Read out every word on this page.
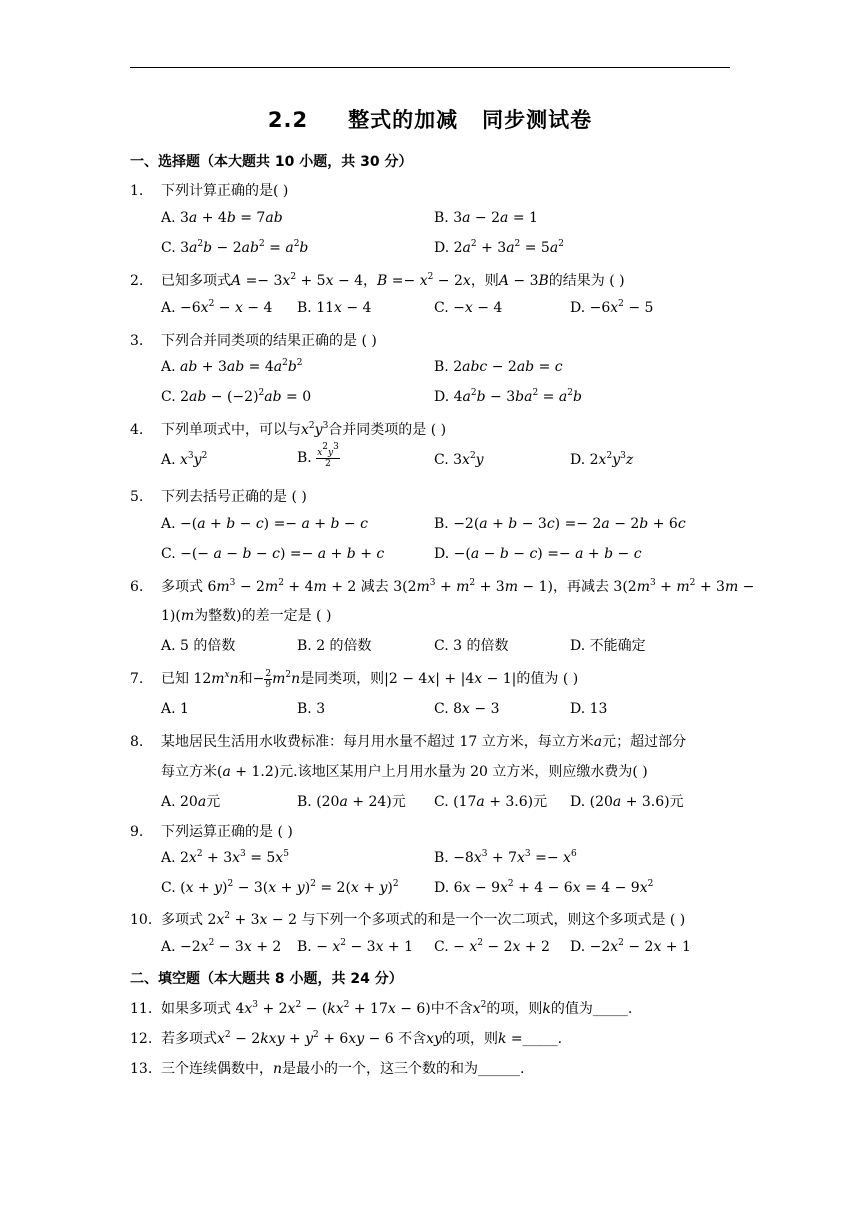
2.2 整式的加减 同步测试卷
一、选择题（本大题共 10 小题，共 30 分）
1. 下列计算正确的是( )
A. 3a + 4b = 7ab	B. 3a − 2a = 1
C. $3a^2b - 2ab^2 = a^2b$	D. $2a^2 + 3a^2 = 5a^2$
2. 已知多项式$A =- 3x^2 + 5x - 4$，$B =- x^2 - 2x$，则A − 3B的结果为 ( )
A. $-6x^2 - x - 4$ B. 11x − 4	C. −x − 4	D. $-6x^2 - 5$
3. 下列合并同类项的结果正确的是 ( )
A. ab + $3ab = 4a^2b^2$	B. 2abc − 2ab = c
C. $2ab - (-2)^2ab = 0$	D. $4a^2b - 3ba^2 = a^2b$
4. 下列单项式中，可以与$x^2y^3$合并同类项的是 ( )
A. $x^3y^2$	B. $\frac{x^2y^3}{2}$	C. $3x^2y$	D. $2x^2y^3z$
5. 下列去括号正确的是 ( )
A. −(a + b − c) =− a + b − c	B. −2(a + b − 3c) =− 2a − 2b + 6c
C. −(− a − b − c) =− a + b + c	D. −(a − b − c) =− a + b − c
6. 多项式 $6m^3 - 2m^2 + 4m + 2$ 减去 $3(2m^3 + m^2 + 3m - 1)$，再减去 $3(2m^3 + m^2 + 3m$ −
1)(m为整数)的差一定是 ( )
A. 5 的倍数	B. 2 的倍数	C. 3 的倍数	D. 不能确定
7. 已知 $12m^xn$和− $\frac{2}{9} m^2n$是同类项，则|2 − 4x| + |4x − 1|的值为 ( )
A. 1	B. 3	C. 8x − 3	D. 13
8. 某地居民生活用水收费标准：每月用水量不超过 17 立方米，每立方米a元；超过部分
每立方米(a + 1.2)元.该地区某用户上月用水量为 20 立方米，则应缴水费为( )
A. 20a元	B. (20a + 24)元 C. (17a + 3.6)元 D. (20a + 3.6)元
9. 下列运算正确的是 ( )
A. $2x^2 + 3x^3 = 5x^5$	B. $-8x^3 + 7x^3 =- x^6$
C. $(x + y)^2 - 3(x + y)^2 = 2(x + y)^2$	D. $6x - 9x^2 + 4 - 6x = 4 - 9x^2$
10. 多项式 $2x^2 + 3x - 2$ 与下列一个多项式的和是一个一次二项式，则这个多项式是 ( )
A. $-2x^2 - 3x + 2$ B. − $x^2 - 3x + 1$ C. − $x^2 - 2x + 2$ D. $-2x^2 - 2x + 1$
二、填空题（本大题共 8 小题，共 24 分）
11. 如果多项式 $4x^3 + 2x^2 - (kx^2 + 17x - 6)$中不含$x^2$的项，则k的值为_____.
12. 若多项式$x^2 - 2kxy + y^2 + 6xy - 6$ 不含xy的项，则k =_____.
13. 三个连续偶数中，n是最小的一个，这三个数的和为______.
